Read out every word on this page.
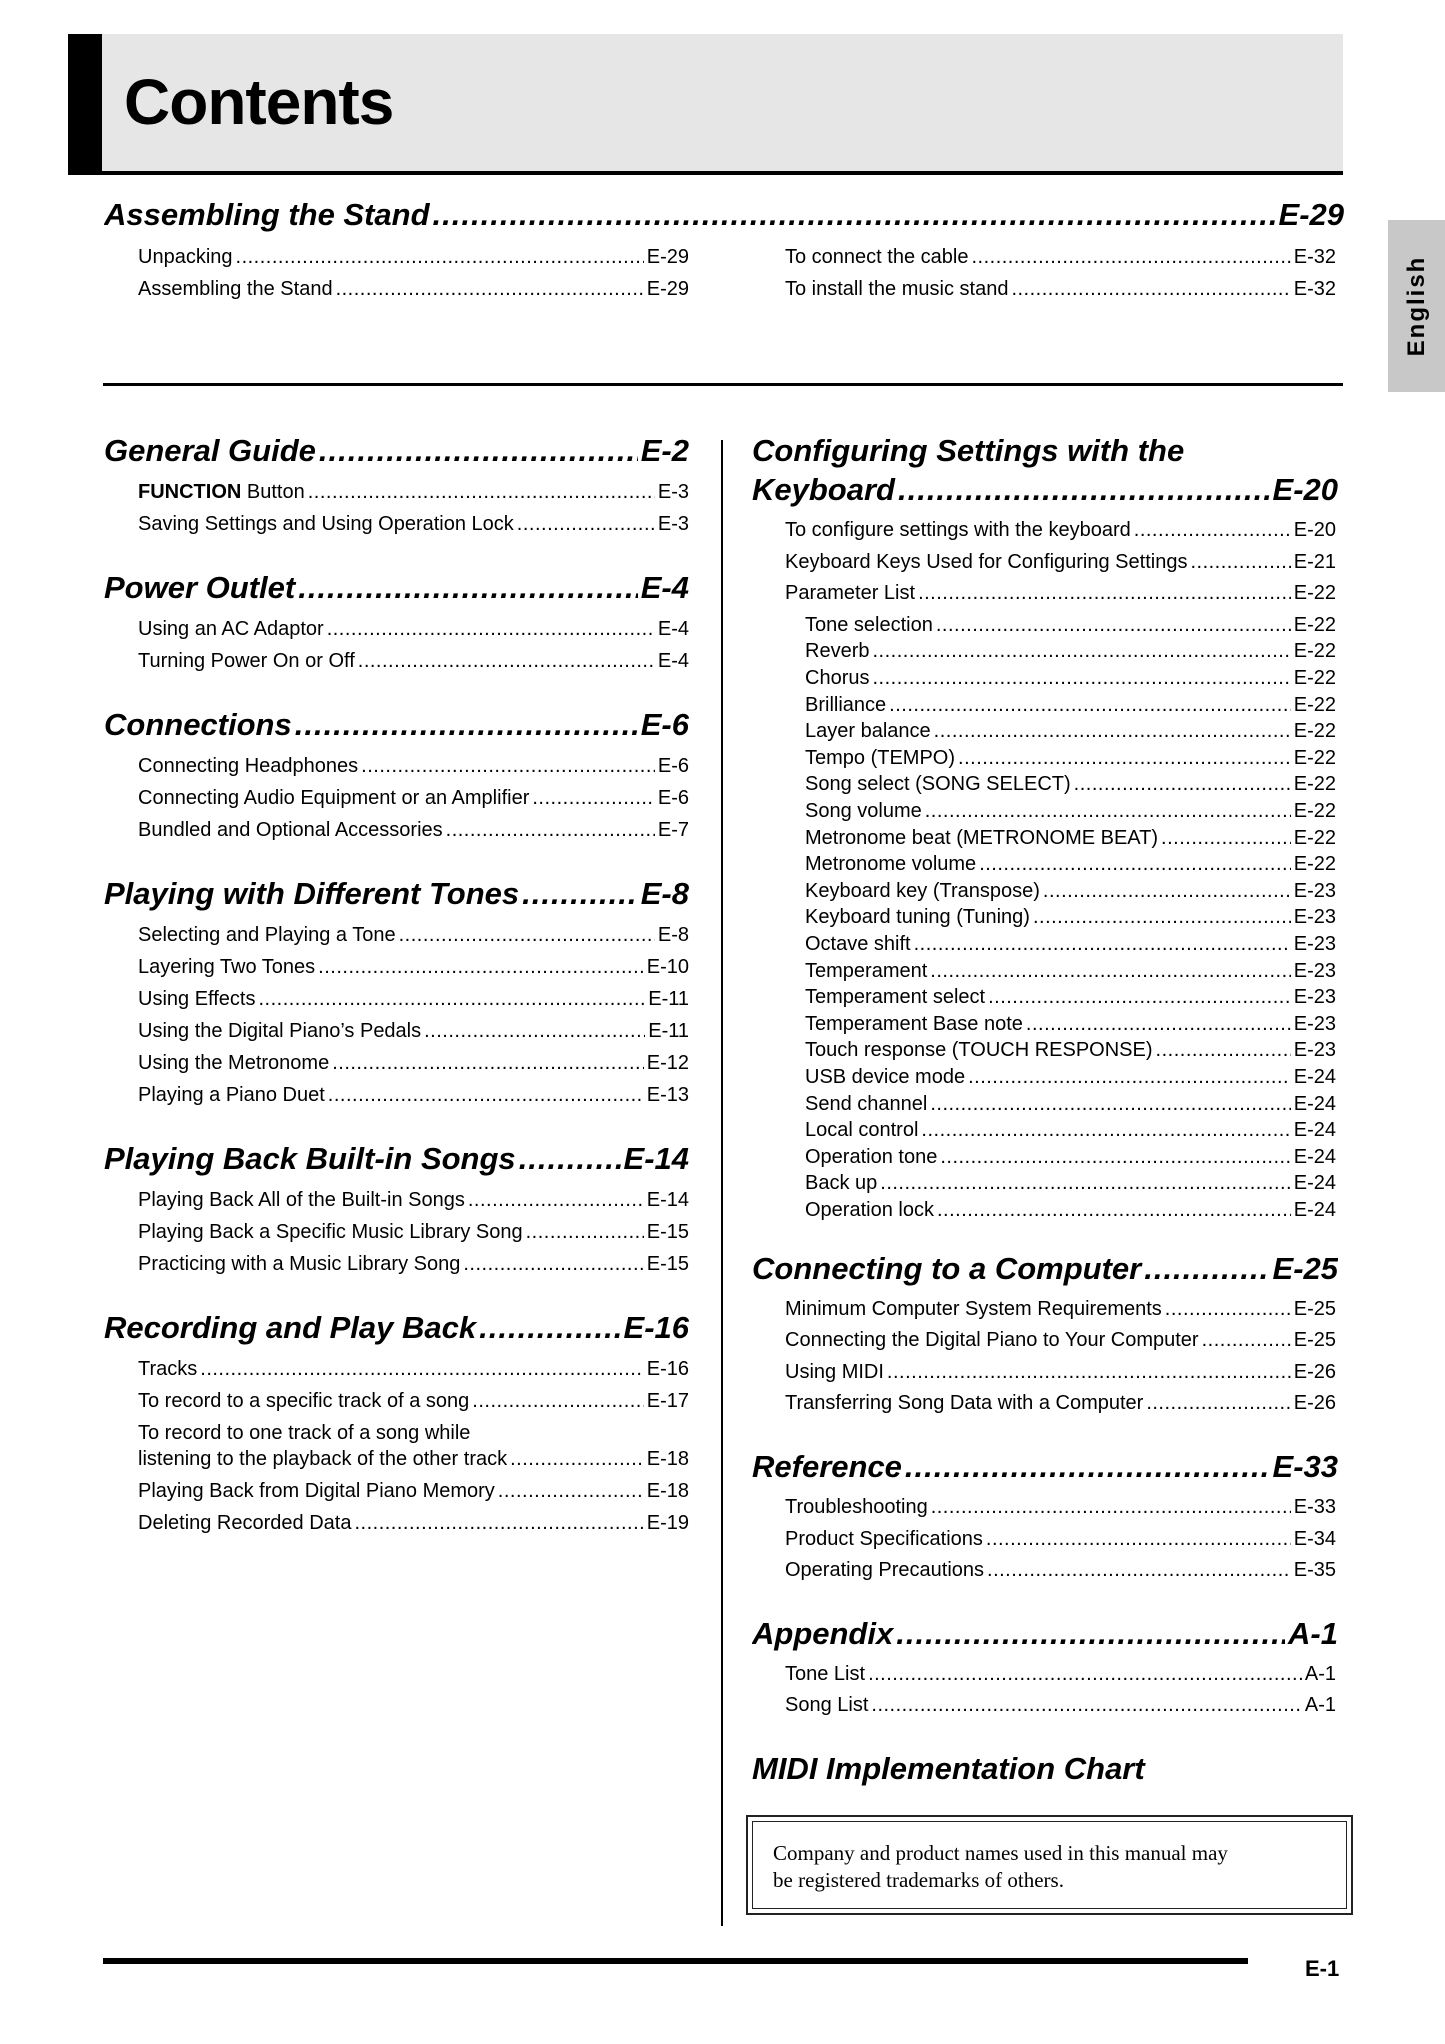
Contents
English
Assembling the Stand .....	E-29
Unpacking .....	E-29
Assembling the Stand .....	E-29
To connect the cable .....	E-32
To install the music stand .....	E-32
General Guide .....	E-2
FUNCTION Button .....	E-3
Saving Settings and Using Operation Lock .....	E-3
Power Outlet .....	E-4
Using an AC Adaptor .....	E-4
Turning Power On or Off .....	E-4
Connections .....	E-6
Connecting Headphones .....	E-6
Connecting Audio Equipment or an Amplifier .....	E-6
Bundled and Optional Accessories .....	E-7
Playing with Different Tones .....	E-8
Selecting and Playing a Tone .....	E-8
Layering Two Tones .....	E-10
Using Effects .....	E-11
Using the Digital Piano’s Pedals .....	E-11
Using the Metronome .....	E-12
Playing a Piano Duet .....	E-13
Playing Back Built-in Songs .....	E-14
Playing Back All of the Built-in Songs .....	E-14
Playing Back a Specific Music Library Song .....	E-15
Practicing with a Music Library Song .....	E-15
Recording and Play Back .....	E-16
Tracks .....	E-16
To record to a specific track of a song .....	E-17
To record to one track of a song while
listening to the playback of the other track .....	E-18
Playing Back from Digital Piano Memory .....	E-18
Deleting Recorded Data .....	E-19
Configuring Settings with the
Keyboard .....	E-20
To configure settings with the keyboard .....	E-20
Keyboard Keys Used for Configuring Settings .....	E-21
Parameter List .....	E-22
Tone selection .....	E-22
Reverb .....	E-22
Chorus .....	E-22
Brilliance .....	E-22
Layer balance .....	E-22
Tempo (TEMPO) .....	E-22
Song select (SONG SELECT) .....	E-22
Song volume .....	E-22
Metronome beat (METRONOME BEAT) .....	E-22
Metronome volume .....	E-22
Keyboard key (Transpose) .....	E-23
Keyboard tuning (Tuning) .....	E-23
Octave shift .....	E-23
Temperament .....	E-23
Temperament select .....	E-23
Temperament Base note .....	E-23
Touch response (TOUCH RESPONSE) .....	E-23
USB device mode .....	E-24
Send channel .....	E-24
Local control .....	E-24
Operation tone .....	E-24
Back up .....	E-24
Operation lock .....	E-24
Connecting to a Computer .....	E-25
Minimum Computer System Requirements .....	E-25
Connecting the Digital Piano to Your Computer .....	E-25
Using MIDI .....	E-26
Transferring Song Data with a Computer .....	E-26
Reference .....	E-33
Troubleshooting .....	E-33
Product Specifications .....	E-34
Operating Precautions .....	E-35
Appendix .....	A-1
Tone List .....	A-1
Song List .....	A-1
MIDI Implementation Chart
Company and product names used in this manual may
be registered trademarks of others.
E-1
